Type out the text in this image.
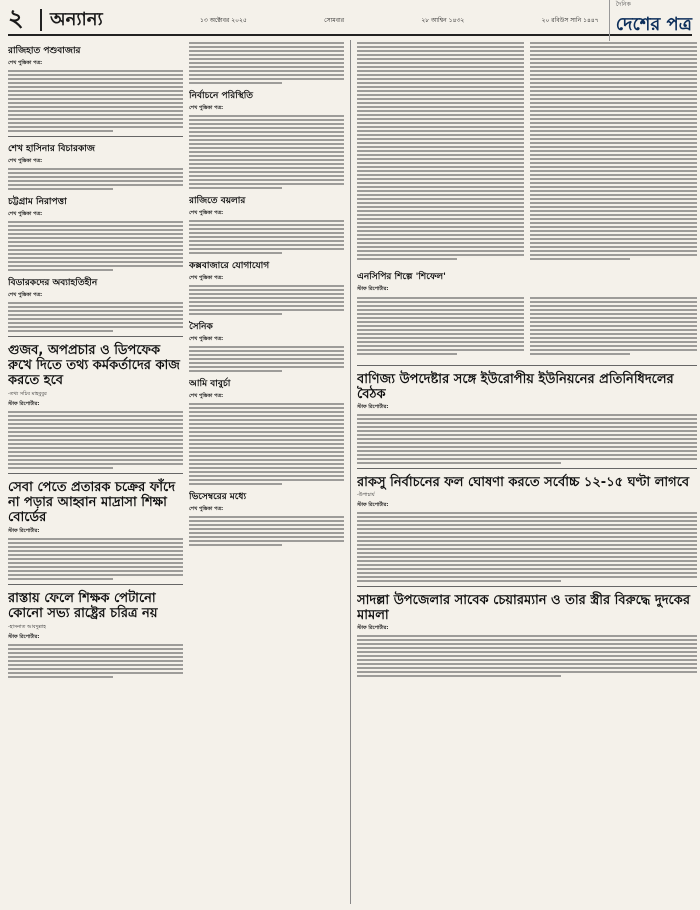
২	অন্যান্য	১৩ অক্টোবর ২০২৫	সোমবার	২৮ আশ্বিন ১৪৩২	২০ রবিউস সানি ১৪৪৭
দৈনিক
দেশের পত্র
রাজিহাত পশুবাজার
শেখ পুস্তিকা পত্র:
শেখ হাসিনার বিচারকাজ
শেখ পুস্তিকা পত্র:
চট্টগ্রাম নিরাপত্তা
শেখ পুস্তিকা পত্র:
বিডারকদের অব্যাহতিহীন
শেখ পুস্তিকা পত্র:
গুজব, অপপ্রচার ও ডিপফেক রুখে দিতে তথ্য কর্মকর্তাদের কাজ করতে হবে
-তথ্য সচিব মাহবুবুর
স্টাফ রিপোর্টার:
সেবা পেতে প্রতারক চক্রের ফাঁদে না পড়ার আহ্বান মাদ্রাসা শিক্ষা বোর্ডের
স্টাফ রিপোর্টার:
রাস্তায় ফেলে শিক্ষক পেটানো কোনো সভ্য রাষ্ট্রের চরিত্র নয়
-হাসনাত আবদুল্লাহ
স্টাফ রিপোর্টার:
নির্বাচনে পরিস্থিতি
শেখ পুস্তিকা পত্র:
রাজিতে বয়লার
শেখ পুস্তিকা পত্র:
কক্সবাজারে যোগাযোগ
শেখ পুস্তিকা পত্র:
সৈনিক
শেখ পুস্তিকা পত্র:
আমি বাবুর্চা
শেখ পুস্তিকা পত্র:
ভিসেম্বরের মধ্যে
শেখ পুস্তিকা পত্র:
এনসিপির শিল্পে 'শিফেল'
স্টাফ রিপোর্টার:
বাণিজ্য উপদেষ্টার সঙ্গে ইউরোপীয় ইউনিয়নের প্রতিনিধিদলের বৈঠক
স্টাফ রিপোর্টার:
রাকসু নির্বাচনের ফল ঘোষণা করতে সর্বোচ্চ ১২-১৫ ঘণ্টা লাগবে
-উপাচার্য
স্টাফ রিপোর্টার:
সাদল্লা উপজেলার সাবেক চেয়ারম্যান ও তার স্ত্রীর বিরুদ্ধে দুদকের মামলা
স্টাফ রিপোর্টার:
